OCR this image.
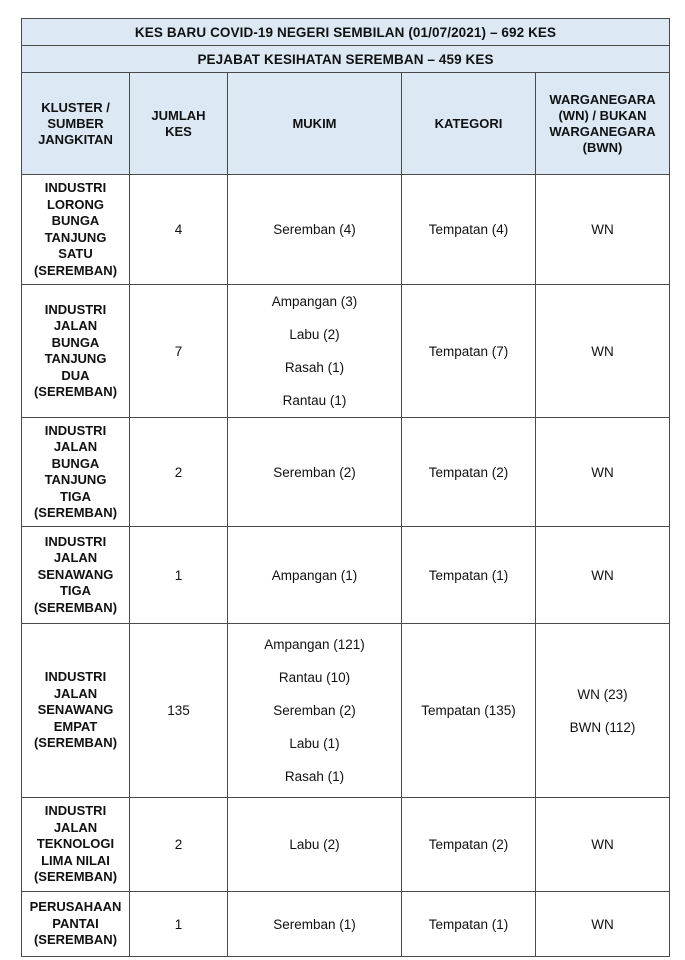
KES BARU COVID-19 NEGERI SEMBILAN (01/07/2021) – 692 KES				
PEJABAT KESIHATAN SEREMBAN – 459 KES				

KLUSTER / SUMBER JANGKITAN	JUMLAH KES	MUKIM	KATEGORI	WARGANEGARA (WN) / BUKAN WARGANEGARA (BWN)

INDUSTRI LORONG BUNGA TANJUNG SATU (SEREMBAN)	4	Seremban (4)	Tempatan (4)	WN

INDUSTRI JALAN BUNGA TANJUNG DUA (SEREMBAN)	7	Ampangan (3)
Labu (2)
Rasah (1)
Rantau (1)	Tempatan (7)	WN

INDUSTRI JALAN BUNGA TANJUNG TIGA (SEREMBAN)	2	Seremban (2)	Tempatan (2)	WN

INDUSTRI JALAN SENAWANG TIGA (SEREMBAN)	1	Ampangan (1)	Tempatan (1)	WN

INDUSTRI JALAN SENAWANG EMPAT (SEREMBAN)	135	Ampangan (121)
Rantau (10)
Seremban (2)
Labu (1)
Rasah (1)	Tempatan (135)	WN (23)
BWN (112)

INDUSTRI JALAN TEKNOLOGI LIMA NILAI (SEREMBAN)	2	Labu (2)	Tempatan (2)	WN

PERUSAHAAN PANTAI (SEREMBAN)	1	Seremban (1)	Tempatan (1)	WN
